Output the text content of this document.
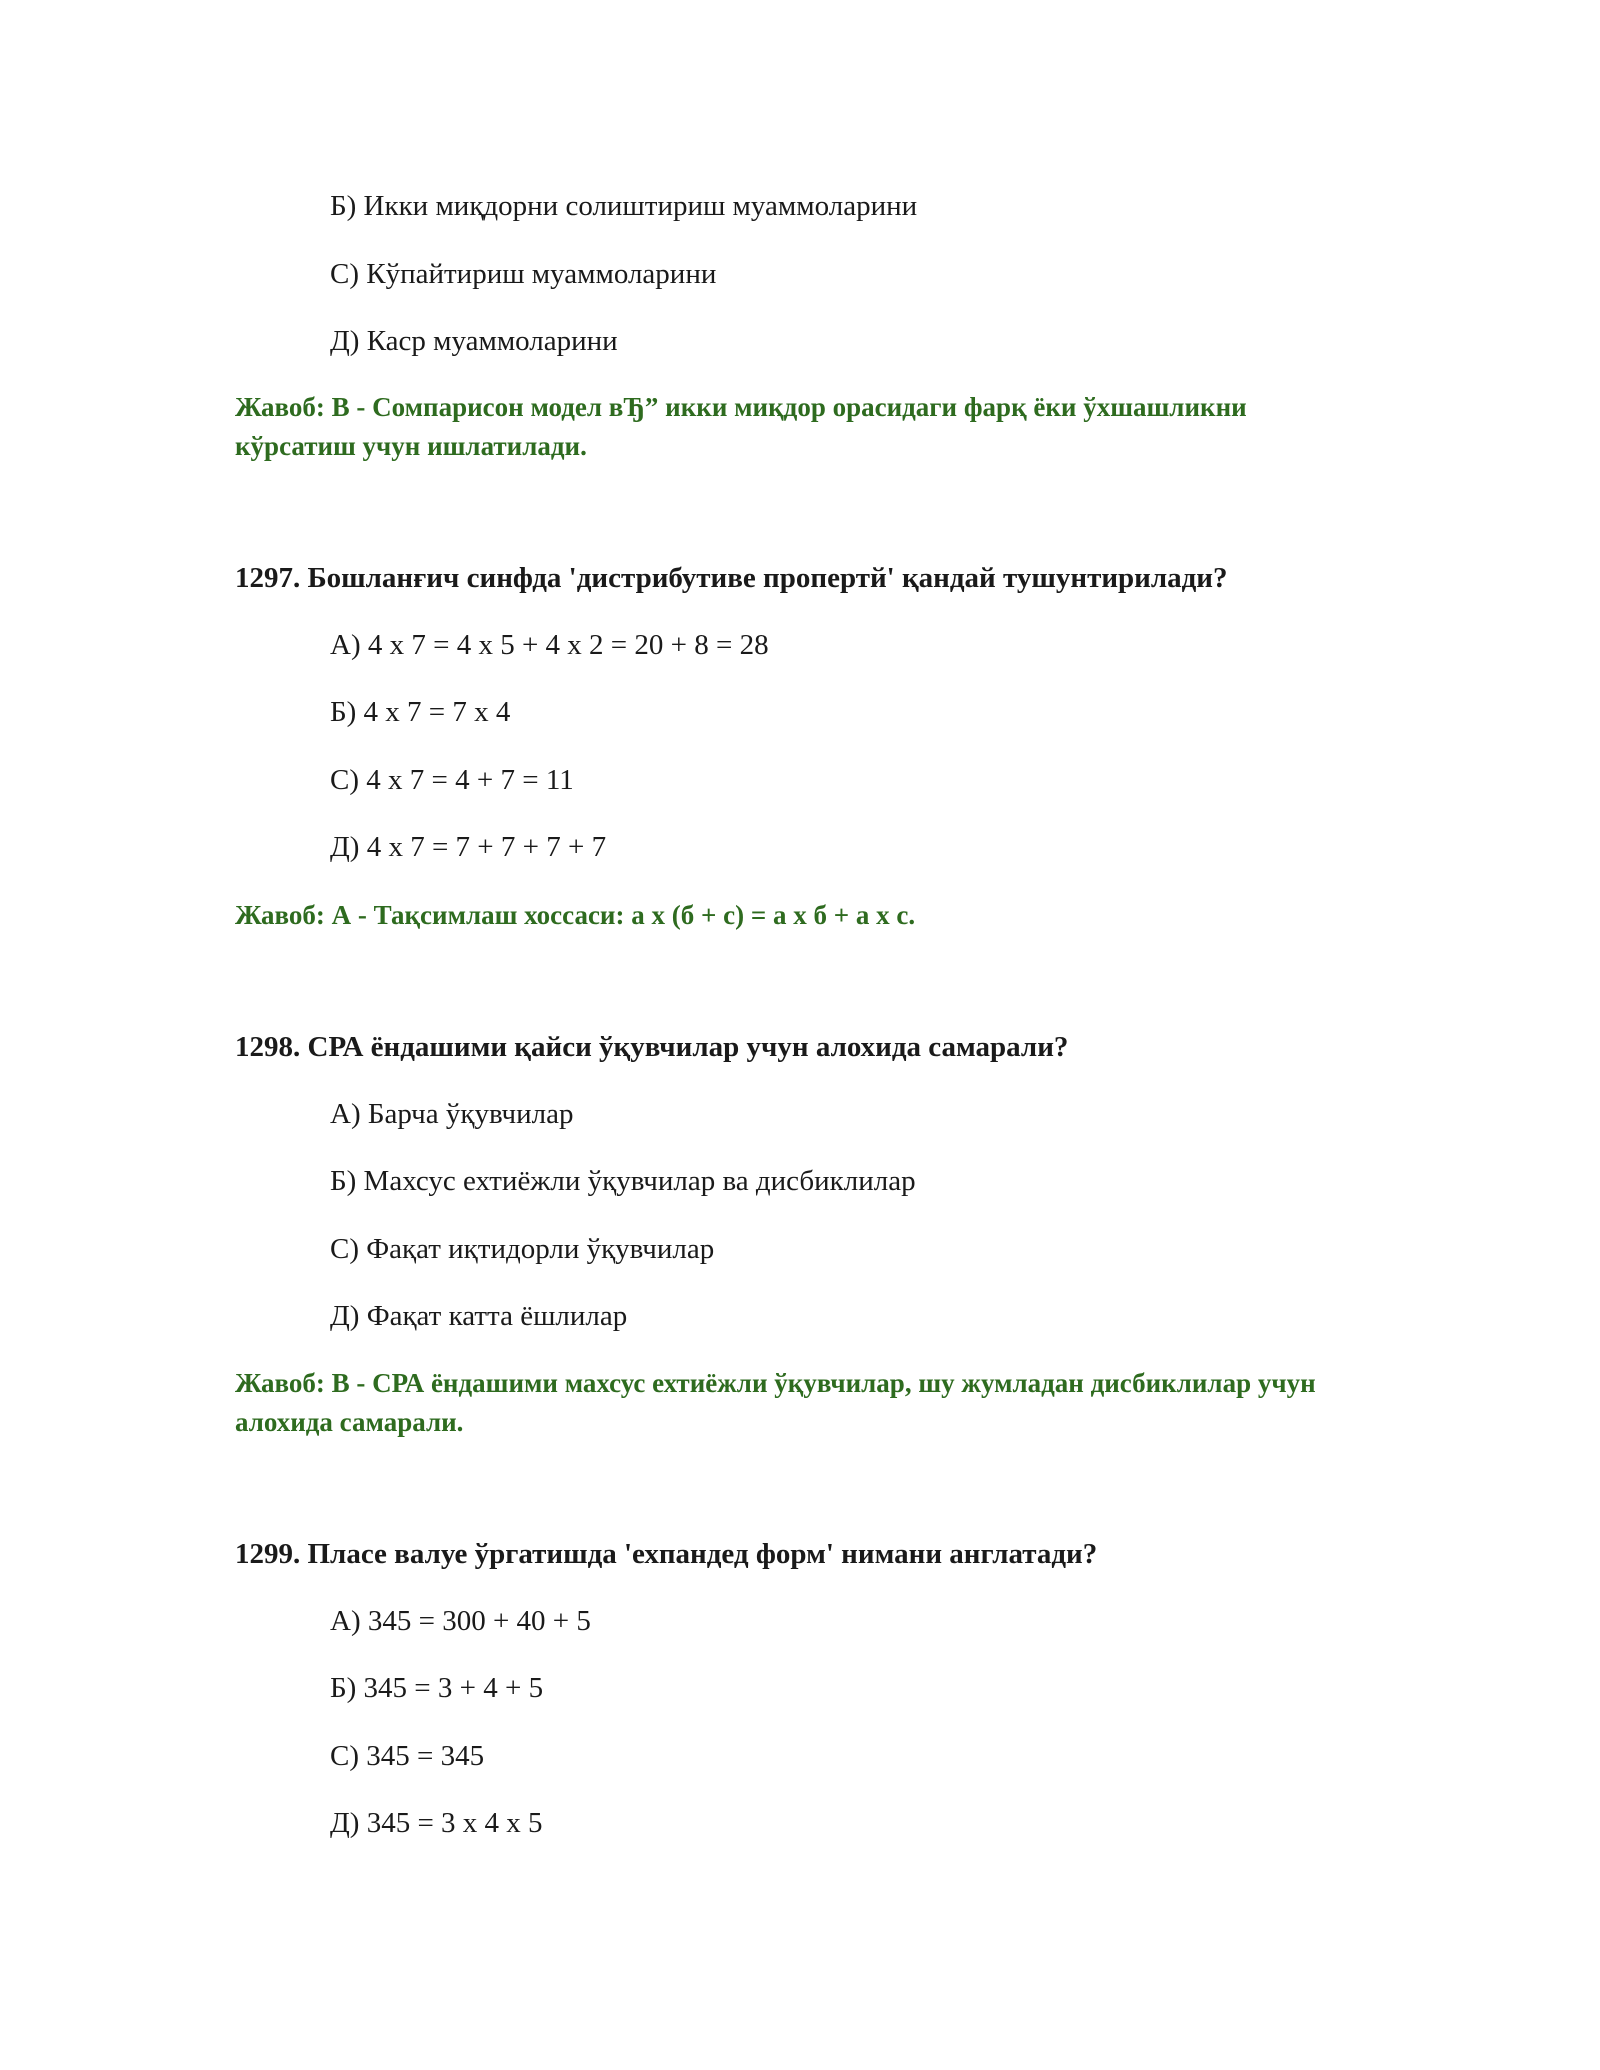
Б) Икки миқдорни солиштириш муаммоларини
С) Кўпайтириш муаммоларини
Д) Каср муаммоларини
Жавоб: В - Сомпарисон модел вЂ” икки миқдор орасидаги фарқ ёки ўхшашликни кўрсатиш учун ишлатилади.
1297. Бошланғич синфда 'дистрибутиве пропертй' қандай тушунтирилади?
А) 4 х 7 = 4 х 5 + 4 х 2 = 20 + 8 = 28
Б) 4 х 7 = 7 х 4
С) 4 х 7 = 4 + 7 = 11
Д) 4 х 7 = 7 + 7 + 7 + 7
Жавоб: А - Тақсимлаш хоссаси: а х (б + с) = а х б + а х с.
1298. СРА ёндашими қайси ўқувчилар учун алохида самарали?
А) Барча ўқувчилар
Б) Махсус ехтиёжли ўқувчилар ва дисбиклилар
С) Фақат иқтидорли ўқувчилар
Д) Фақат катта ёшлилар
Жавоб: В - СРА ёндашими махсус ехтиёжли ўқувчилар, шу жумладан дисбиклилар учун алохида самарали.
1299. Пласе валуе ўргатишда 'ехпандед форм' нимани англатади?
А) 345 = 300 + 40 + 5
Б) 345 = 3 + 4 + 5
С) 345 = 345
Д) 345 = 3 х 4 х 5
